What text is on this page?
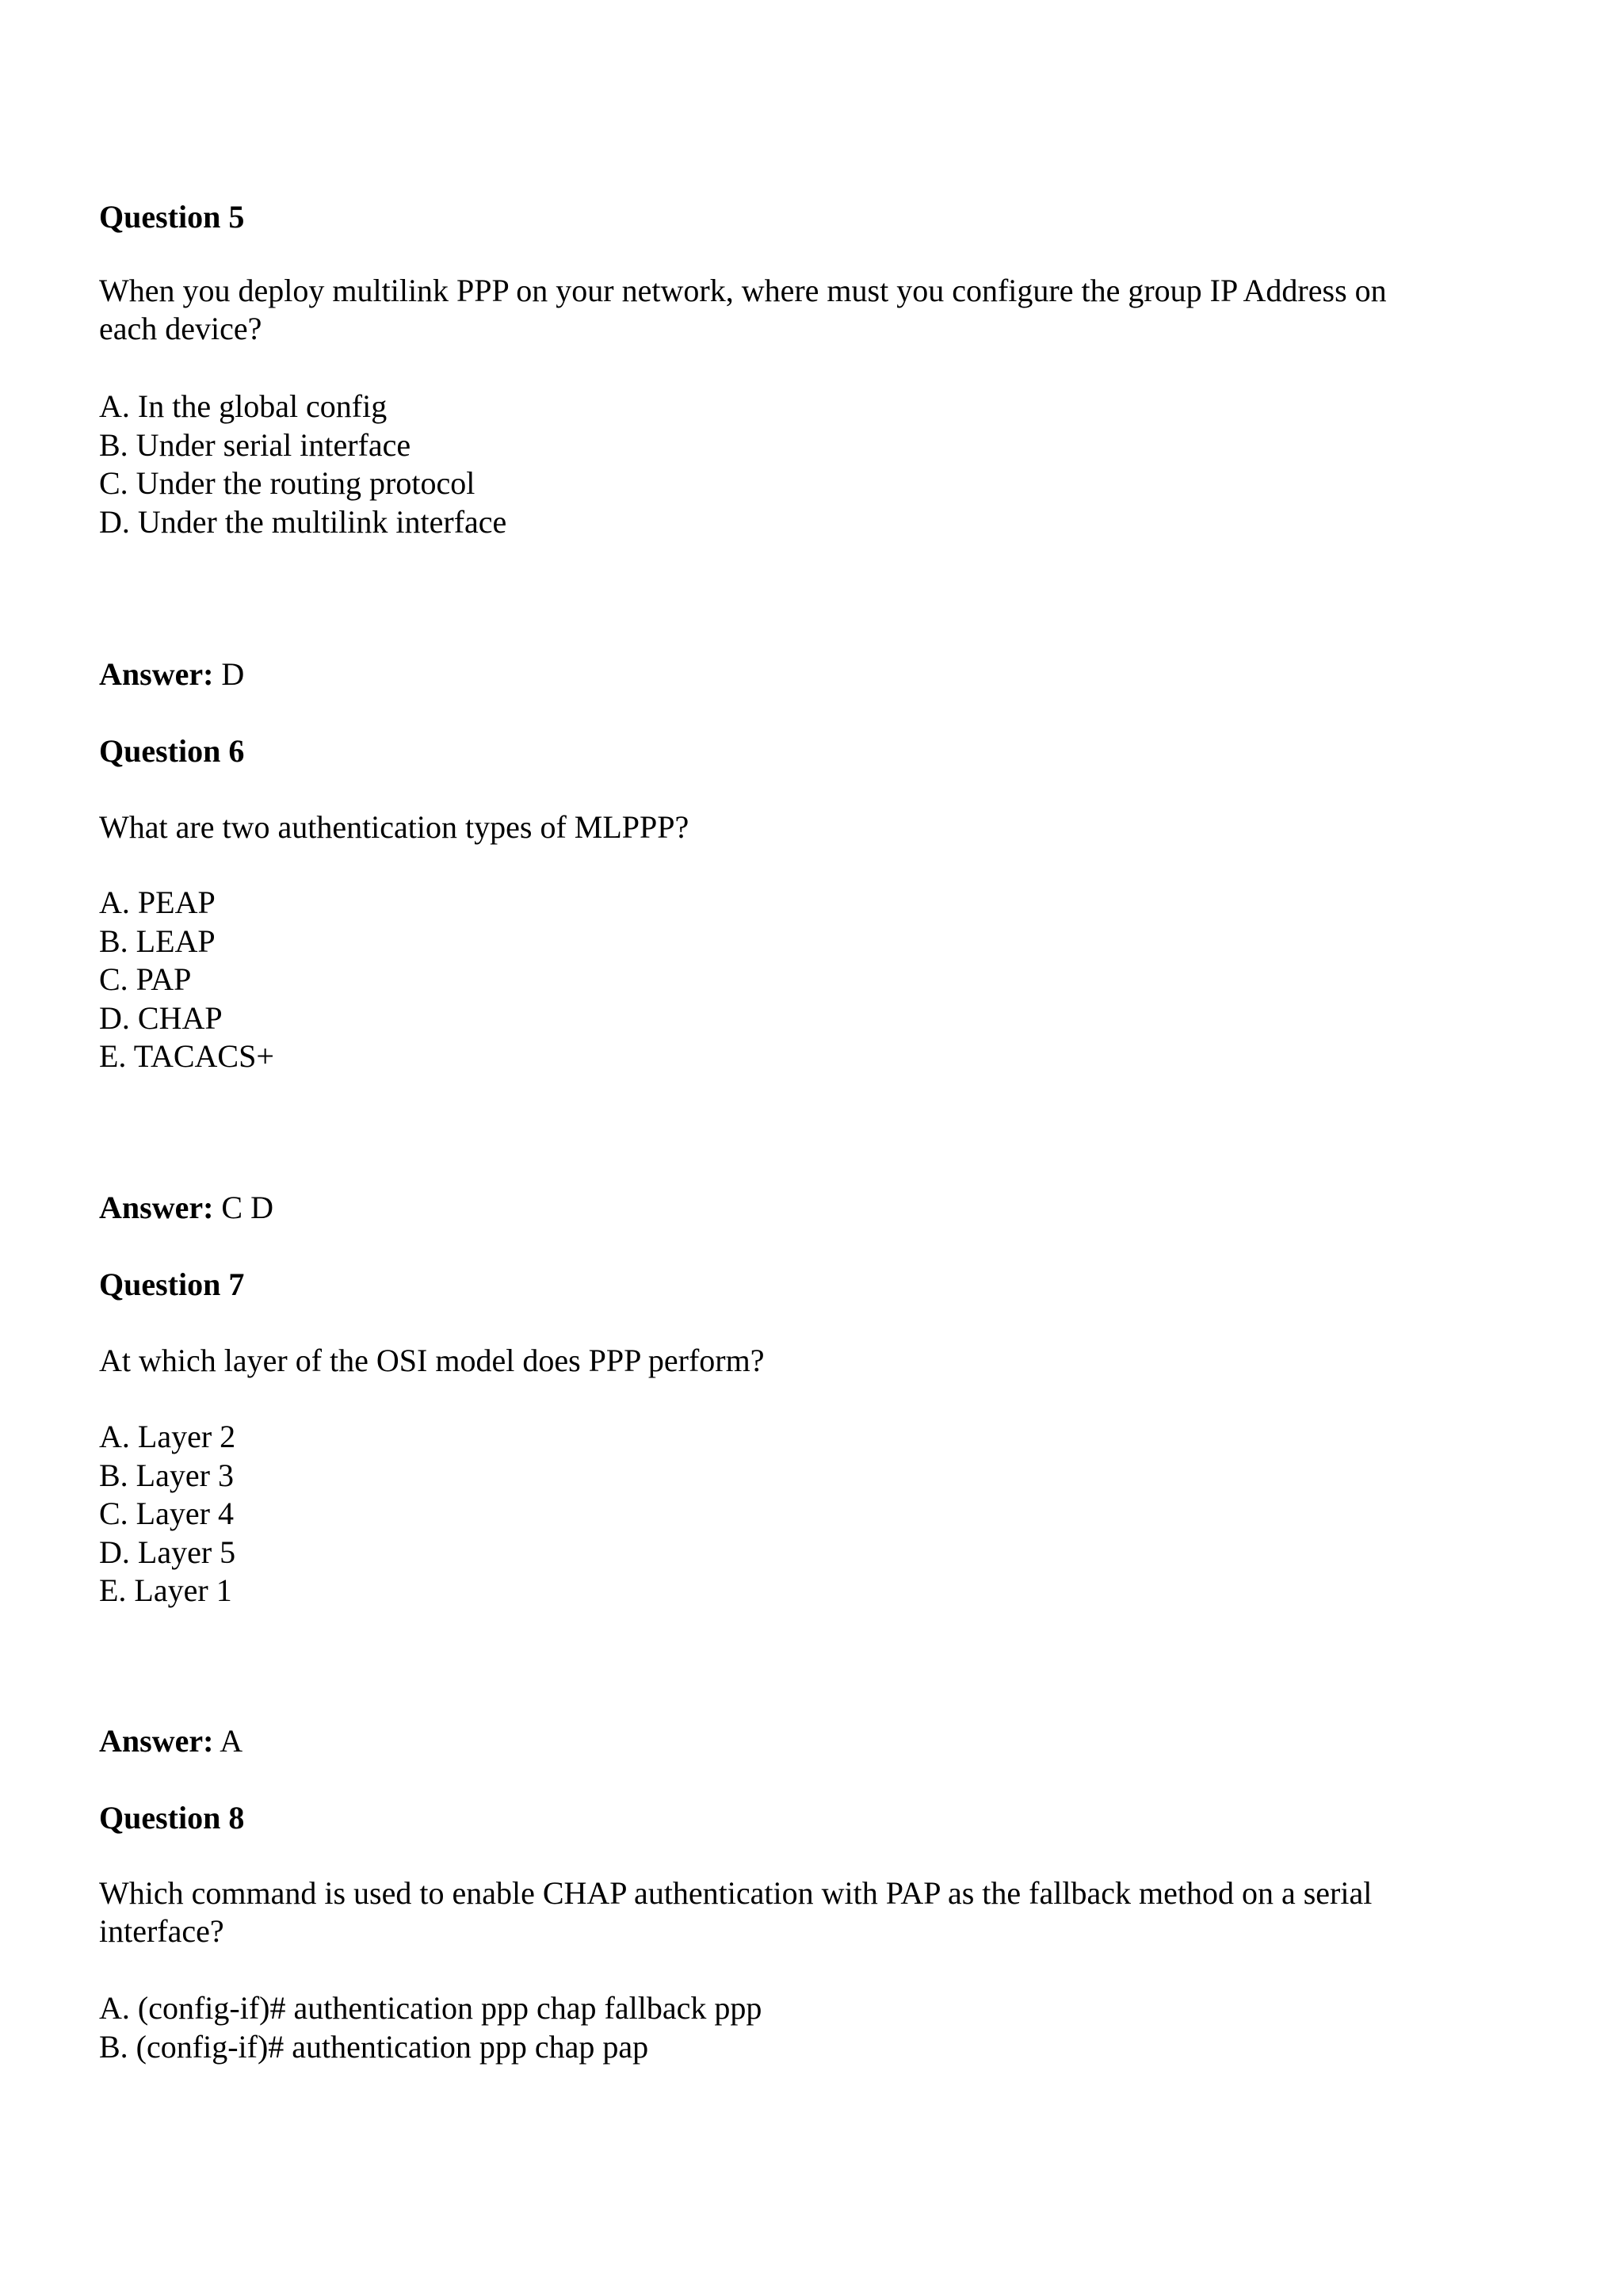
Question 5

When you deploy multilink PPP on your network, where must you configure the group IP Address on each device?

A. In the global config
B. Under serial interface
C. Under the routing protocol
D. Under the multilink interface

Answer: D

Question 6

What are two authentication types of MLPPP?

A. PEAP
B. LEAP
C. PAP
D. CHAP
E. TACACS+

Answer: C D

Question 7

At which layer of the OSI model does PPP perform?

A. Layer 2
B. Layer 3
C. Layer 4
D. Layer 5
E. Layer 1

Answer: A

Question 8

Which command is used to enable CHAP authentication with PAP as the fallback method on a serial interface?

A. (config-if)# authentication ppp chap fallback ppp
B. (config-if)# authentication ppp chap pap
